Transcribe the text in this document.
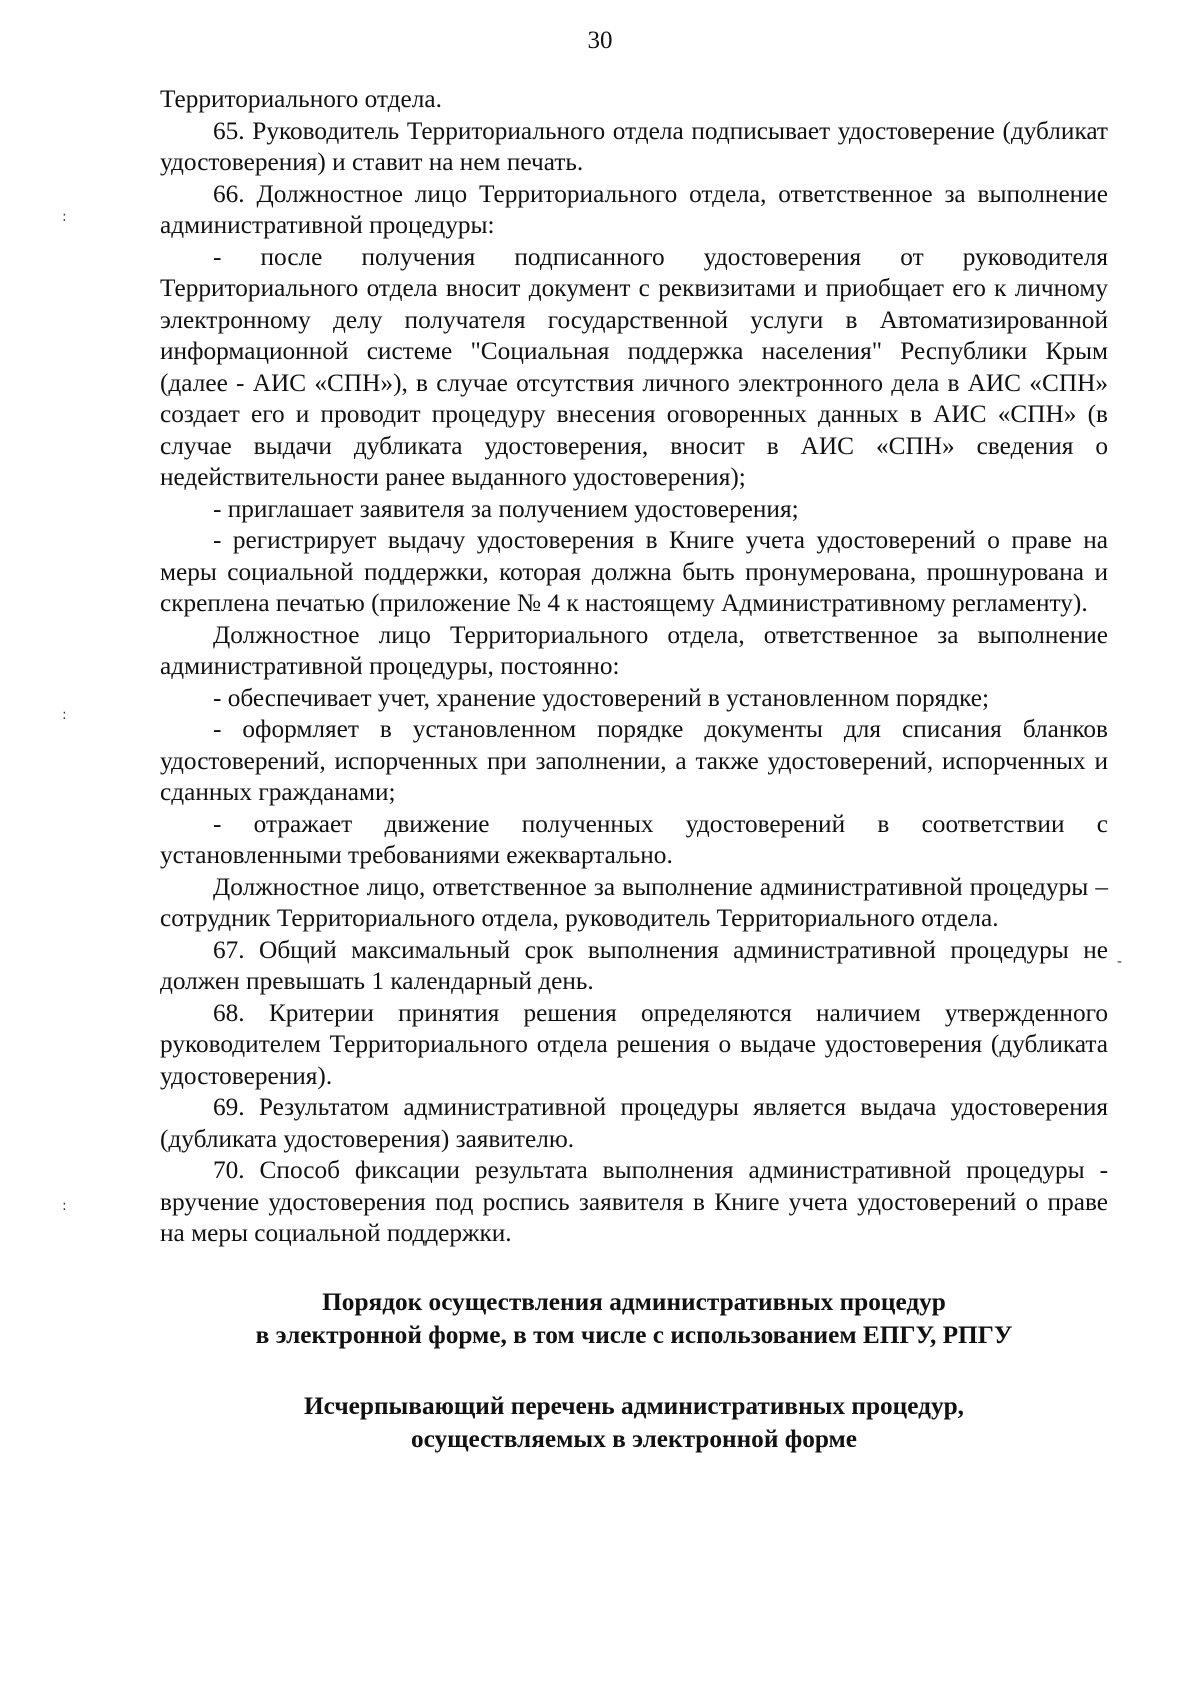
30
:
:
-
:

Территориального отдела.

65. Руководитель Территориального отдела подписывает удостоверение (дубликат удостоверения) и ставит на нем печать.

66. Должностное лицо Территориального отдела, ответственное за выполнение административной процедуры:

- после получения подписанного удостоверения от руководителя Территориального отдела вносит документ с реквизитами и приобщает его к личному электронному делу получателя государственной услуги в Автоматизированной информационной системе "Социальная поддержка населения" Республики Крым (далее - АИС «СПН»), в случае отсутствия личного электронного дела в АИС «СПН» создает его и проводит процедуру внесения оговоренных данных в АИС «СПН» (в случае выдачи дубликата удостоверения, вносит в АИС «СПН» сведения о недействительности ранее выданного удостоверения);

- приглашает заявителя за получением удостоверения;

- регистрирует выдачу удостоверения в Книге учета удостоверений о праве на меры социальной поддержки, которая должна быть пронумерована, прошнурована и скреплена печатью (приложение № 4 к настоящему Административному регламенту).

Должностное лицо Территориального отдела, ответственное за выполнение административной процедуры, постоянно:

- обеспечивает учет, хранение удостоверений в установленном порядке;

- оформляет в установленном порядке документы для списания бланков удостоверений, испорченных при заполнении, а также удостоверений, испорченных и сданных гражданами;

- отражает движение полученных удостоверений в соответствии с установленными требованиями ежеквартально.

Должностное лицо, ответственное за выполнение административной процедуры – сотрудник Территориального отдела, руководитель Территориального отдела.

67. Общий максимальный срок выполнения административной процедуры не должен превышать 1 календарный день.

68. Критерии принятия решения определяются наличием утвержденного руководителем Территориального отдела решения о выдаче удостоверения (дубликата удостоверения).

69. Результатом административной процедуры является выдача удостоверения (дубликата удостоверения) заявителю.

70. Способ фиксации результата выполнения административной процедуры - вручение удостоверения под роспись заявителя в Книге учета удостоверений о праве на меры социальной поддержки.

Порядок осуществления административных процедур
в электронной форме, в том числе с использованием ЕПГУ, РПГУ
Исчерпывающий перечень административных процедур,
осуществляемых в электронной форме
